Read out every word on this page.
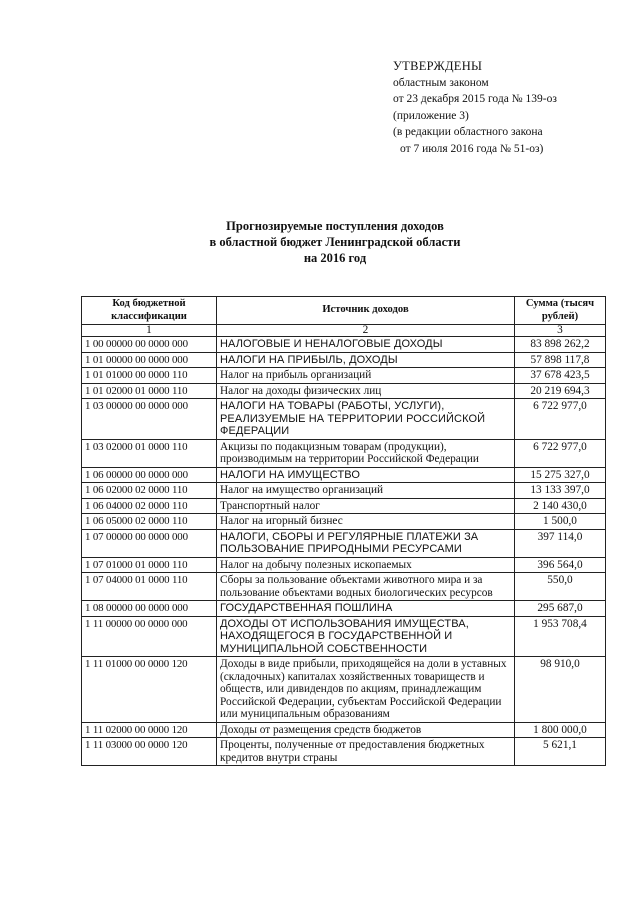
УТВЕРЖДЕНЫ
областным законом
от 23 декабря 2015 года № 139-оз
(приложение 3)
(в редакции областного закона
от 7 июля 2016 года № 51-оз)
Прогнозируемые поступления доходов
в областной бюджет Ленинградской области
на 2016 год
Код бюджетной классификации	Источник доходов	Сумма (тысяч рублей)
1	2	3
1 00 00000 00 0000 000	НАЛОГОВЫЕ И НЕНАЛОГОВЫЕ ДОХОДЫ	83 898 262,2
1 01 00000 00 0000 000	НАЛОГИ НА ПРИБЫЛЬ, ДОХОДЫ	57 898 117,8
1 01 01000 00 0000 110	Налог на прибыль организаций	37 678 423,5
1 01 02000 01 0000 110	Налог на доходы физических лиц	20 219 694,3
1 03 00000 00 0000 000	НАЛОГИ НА ТОВАРЫ (РАБОТЫ, УСЛУГИ), РЕАЛИЗУЕМЫЕ НА ТЕРРИТОРИИ РОССИЙСКОЙ ФЕДЕРАЦИИ	6 722 977,0
1 03 02000 01 0000 110	Акцизы по подакцизным товарам (продукции), производимым на территории Российской Федерации	6 722 977,0
1 06 00000 00 0000 000	НАЛОГИ НА ИМУЩЕСТВО	15 275 327,0
1 06 02000 02 0000 110	Налог на имущество организаций	13 133 397,0
1 06 04000 02 0000 110	Транспортный налог	2 140 430,0
1 06 05000 02 0000 110	Налог на игорный бизнес	1 500,0
1 07 00000 00 0000 000	НАЛОГИ, СБОРЫ И РЕГУЛЯРНЫЕ ПЛАТЕЖИ ЗА ПОЛЬЗОВАНИЕ ПРИРОДНЫМИ РЕСУРСАМИ	397 114,0
1 07 01000 01 0000 110	Налог на добычу полезных ископаемых	396 564,0
1 07 04000 01 0000 110	Сборы за пользование объектами животного мира и за пользование объектами водных биологических ресурсов	550,0
1 08 00000 00 0000 000	ГОСУДАРСТВЕННАЯ ПОШЛИНА	295 687,0
1 11 00000 00 0000 000	ДОХОДЫ ОТ ИСПОЛЬЗОВАНИЯ ИМУЩЕСТВА, НАХОДЯЩЕГОСЯ В ГОСУДАРСТВЕННОЙ И МУНИЦИПАЛЬНОЙ СОБСТВЕННОСТИ	1 953 708,4
1 11 01000 00 0000 120	Доходы в виде прибыли, приходящейся на доли в уставных (складочных) капиталах хозяйственных товариществ и обществ, или дивидендов по акциям, принадлежащим Российской Федерации, субъектам Российской Федерации или муниципальным образованиям	98 910,0
1 11 02000 00 0000 120	Доходы от размещения средств бюджетов	1 800 000,0
1 11 03000 00 0000 120	Проценты, полученные от предоставления бюджетных кредитов внутри страны	5 621,1
